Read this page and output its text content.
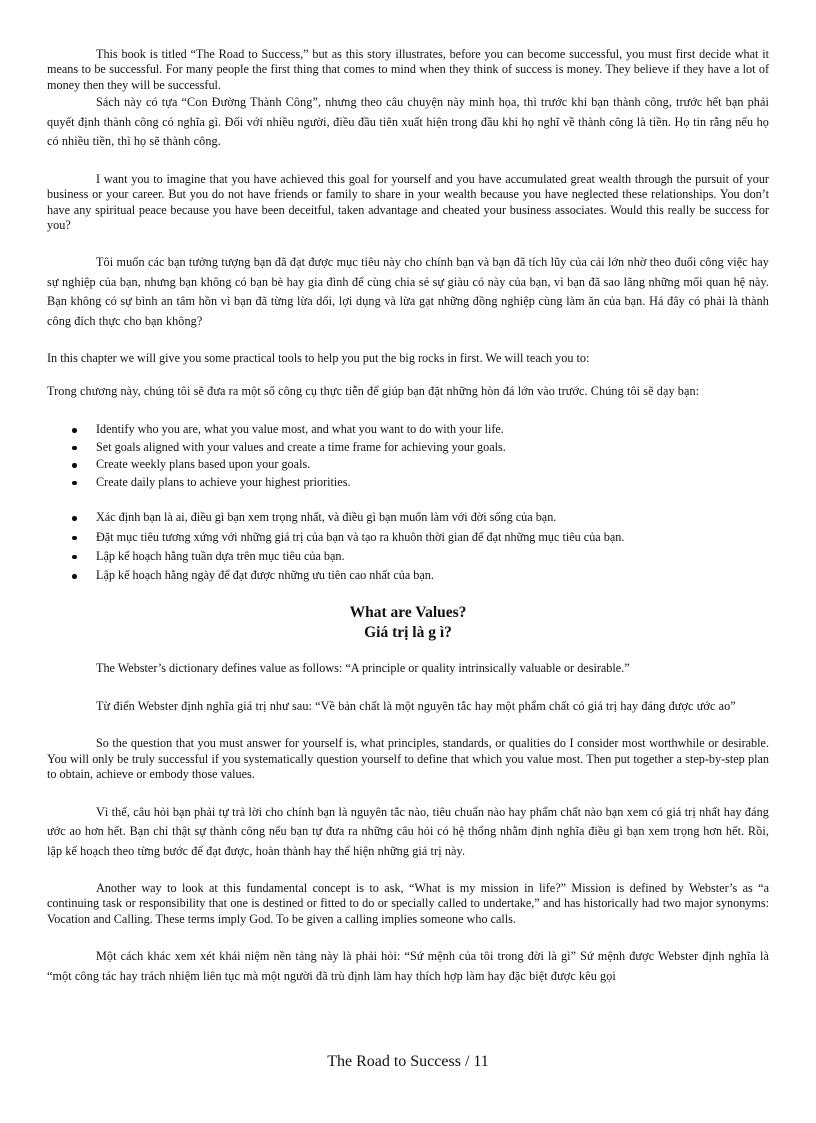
This book is titled “The Road to Success,” but as this story illustrates, before you can become successful, you must first decide what it means to be successful. For many people the first thing that comes to mind when they think of success is money. They believe if they have a lot of money then they will be successful.

Sách này có tựa “Con Đường Thành Công”, nhưng theo câu chuyện này minh họa, thì trước khi bạn thành công, trước hết bạn phải quyết định thành công có nghĩa gì. Đối với nhiều người, điều đầu tiên xuất hiện trong đầu khi họ nghĩ về thành công là tiền. Họ tin rằng nếu họ có nhiều tiền, thì họ sẽ thành công.

I want you to imagine that you have achieved this goal for yourself and you have accumulated great wealth through the pursuit of your business or your career. But you do not have friends or family to share in your wealth because you have neglected these relationships. You don’t have any spiritual peace because you have been deceitful, taken advantage and cheated your business associates. Would this really be success for you?

Tôi muốn các bạn tưởng tượng bạn đã đạt được mục tiêu này cho chính bạn và bạn đã tích lũy của cải lớn nhờ theo đuổi công việc hay sự nghiệp của bạn, nhưng bạn không có bạn bè hay gia đình để cùng chia sẻ sự giàu có này của bạn, vì bạn đã sao lãng những mối quan hệ này. Bạn không có sự bình an tâm hồn vì bạn đã từng lừa dối, lợi dụng và lừa gạt những đồng nghiệp cùng làm ăn của bạn. Há đây có phải là thành công đích thực cho bạn không?

In this chapter we will give you some practical tools to help you put the big rocks in first. We will teach you to:

Trong chương này, chúng tôi sẽ đưa ra một số công cụ thực tiễn để giúp bạn đặt những hòn đá lớn vào trước. Chúng tôi sẽ dạy bạn:

Identify who you are, what you value most, and what you want to do with your life.
Set goals aligned with your values and create a time frame for achieving your goals.
Create weekly plans based upon your goals.
Create daily plans to achieve your highest priorities.
Xác định bạn là ai, điều gì bạn xem trọng nhất, và điều gì bạn muốn làm với đời sống của bạn.
Đặt mục tiêu tương xứng với những giá trị của bạn và tạo ra khuôn thời gian để đạt những mục tiêu của bạn.
Lập kế hoạch hằng tuần dựa trên mục tiêu của bạn.
Lập kế hoạch hằng ngày để đạt được những ưu tiên cao nhất của bạn.
What are Values?
Giá trị là g ì?

The Webster’s dictionary defines value as follows: “A principle or quality intrinsically valuable or desirable.”

Từ điển Webster định nghĩa giá trị như sau: “Về bản chất là một nguyên tắc hay một phẩm chất có giá trị hay đáng được ước ao”

So the question that you must answer for yourself is, what principles, standards, or qualities do I consider most worthwhile or desirable. You will only be truly successful if you systematically question yourself to define that which you value most. Then put together a step-by-step plan to obtain, achieve or embody those values.

Vì thế, câu hỏi bạn phải tự trả lời cho chính bạn là nguyên tắc nào, tiêu chuẩn nào hay phẩm chất nào bạn xem có giá trị nhất hay đáng ước ao hơn hết. Bạn chỉ thật sự thành công nếu bạn tự đưa ra những câu hỏi có hệ thống nhằm định nghĩa điều gì bạn xem trọng hơn hết. Rồi, lập kế hoạch theo từng bước để đạt được, hoàn thành hay thể hiện những giá trị này.

Another way to look at this fundamental concept is to ask, “What is my mission in life?” Mission is defined by Webster’s as “a continuing task or responsibility that one is destined or fitted to do or specially called to undertake,” and has historically had two major synonyms: Vocation and Calling. These terms imply God. To be given a calling implies someone who calls.

Một cách khác xem xét khái niệm nền tảng này là phải hỏi: “Sứ mệnh của tôi trong đời là gì” Sứ mệnh được Webster định nghĩa là “một công tác hay trách nhiệm liên tục mà một người đã trù định làm hay thích hợp làm hay đặc biệt được kêu gọi

The Road to Success / 11
